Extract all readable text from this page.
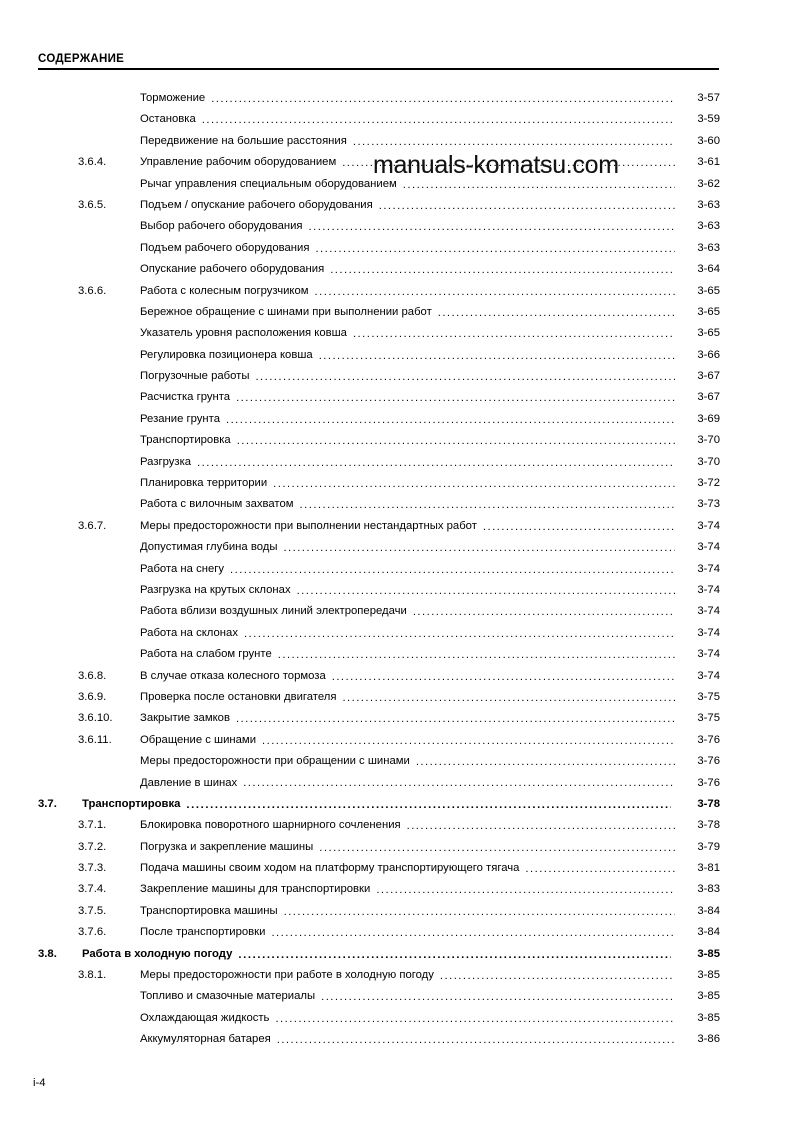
СОДЕРЖАНИЕ
Торможение .....	3-57
Остановка .....	3-59
Передвижение на большие расстояния .....	3-60
3.6.4.	Управление рабочим оборудованием .....	3-61
Рычаг управления специальным оборудованием .....	3-62
3.6.5.	Подъем / опускание рабочего оборудования .....	3-63
Выбор рабочего оборудования .....	3-63
Подъем рабочего оборудования .....	3-63
Опускание рабочего оборудования .....	3-64
3.6.6.	Работа с колесным погрузчиком .....	3-65
Бережное обращение с шинами при выполнении работ .....	3-65
Указатель уровня расположения ковша .....	3-65
Регулировка позиционера ковша .....	3-66
Погрузочные работы .....	3-67
Расчистка грунта .....	3-67
Резание грунта .....	3-69
Транспортировка .....	3-70
Разгрузка .....	3-70
Планировка территории .....	3-72
Работа с вилочным захватом .....	3-73
3.6.7.	Меры предосторожности при выполнении нестандартных работ .....	3-74
Допустимая глубина воды .....	3-74
Работа на снегу .....	3-74
Разгрузка на крутых склонах .....	3-74
Работа вблизи воздушных линий электропередачи .....	3-74
Работа на склонах .....	3-74
Работа на слабом грунте .....	3-74
3.6.8.	В случае отказа колесного тормоза .....	3-74
3.6.9.	Проверка после остановки двигателя .....	3-75
3.6.10.	Закрытие замков .....	3-75
3.6.11.	Обращение с шинами .....	3-76
Меры предосторожности при обращении с шинами .....	3-76
Давление в шинах .....	3-76
3.7.	Транспортировка .....	3-78
3.7.1.	Блокировка поворотного шарнирного сочленения .....	3-78
3.7.2.	Погрузка и закрепление машины .....	3-79
3.7.3.	Подача машины своим ходом на платформу транспортирующего тягача .....	3-81
3.7.4.	Закрепление машины для транспортировки .....	3-83
3.7.5.	Транспортировка машины .....	3-84
3.7.6.	После транспортировки .....	3-84
3.8.	Работа в холодную погоду .....	3-85
3.8.1.	Меры предосторожности при работе в холодную погоду .....	3-85
Топливо и смазочные материалы .....	3-85
Охлаждающая жидкость .....	3-85
Аккумуляторная батарея .....	3-86
manuals-komatsu.com
i-4
